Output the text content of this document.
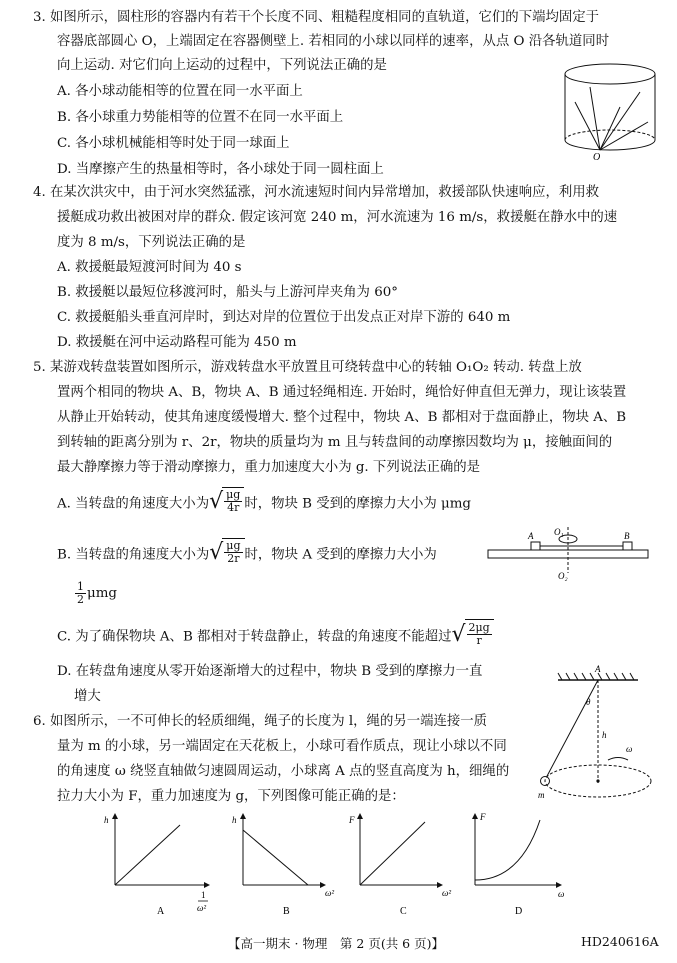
3. 如图所示，圆柱形的容器内有若干个长度不同、粗糙程度相同的直轨道，它们的下端均固定于
容器底部圆心 O，上端固定在容器侧壁上. 若相同的小球以同样的速率，从点 O 沿各轨道同时
向上运动. 对它们向上运动的过程中，下列说法正确的是
A. 各小球动能相等的位置在同一水平面上
B. 各小球重力势能相等的位置不在同一水平面上
C. 各小球机械能相等时处于同一球面上
D. 当摩擦产生的热量相等时，各小球处于同一圆柱面上
O
4. 在某次洪灾中，由于河水突然猛涨，河水流速短时间内异常增加，救援部队快速响应，利用救
援艇成功救出被困对岸的群众. 假定该河宽 240 m，河水流速为 16 m/s，救援艇在静水中的速
度为 8 m/s，下列说法正确的是
A. 救援艇最短渡河时间为 40 s
B. 救援艇以最短位移渡河时，船头与上游河岸夹角为 60°
C. 救援艇船头垂直河岸时，到达对岸的位置位于出发点正对岸下游的 640 m
D. 救援艇在河中运动路程可能为 450 m
5. 某游戏转盘装置如图所示，游戏转盘水平放置且可绕转盘中心的转轴 O₁O₂ 转动. 转盘上放
置两个相同的物块 A、B，物块 A、B 通过轻绳相连. 开始时，绳恰好伸直但无弹力，现让该装置
从静止开始转动，使其角速度缓慢增大. 整个过程中，物块 A、B 都相对于盘面静止，物块 A、B
到转轴的距离分别为 r、2r，物块的质量均为 m 且与转盘间的动摩擦因数均为 μ，接触面间的
最大静摩擦力等于滑动摩擦力，重力加速度大小为 g. 下列说法正确的是
A. 当转盘的角速度大小为 √ $\frac{\mu g}{4r}$ 时，物块 B 受到的摩擦力大小为 μmg
B. 当转盘的角速度大小为 √ $\frac{\mu g}{2r}$ 时，物块 A 受到的摩擦力大小为
$\frac{1}{2}$ μmg
A	B
O₁
O₂
C. 为了确保物块 A、B 都相对于转盘静止，转盘的角速度不能超过 √ $\frac{2\mu g}{r}$
D. 在转盘角速度从零开始逐渐增大的过程中，物块 B 受到的摩擦力一直
增大
6. 如图所示，一不可伸长的轻质细绳，绳子的长度为 l，绳的另一端连接一质
量为 m 的小球，另一端固定在天花板上，小球可看作质点，现让小球以不同
的角速度 ω 绕竖直轴做匀速圆周运动，小球离 A 点的竖直高度为 h，细绳的
拉力大小为 F，重力加速度为 g，下列图像可能正确的是：
A
θ
h
ω
m
h
1
ω²
A
h
ω²
B
F
ω²
C
F
ω
D
【高一期末 · 物理　第 2 页(共 6 页)】	HD240616A
